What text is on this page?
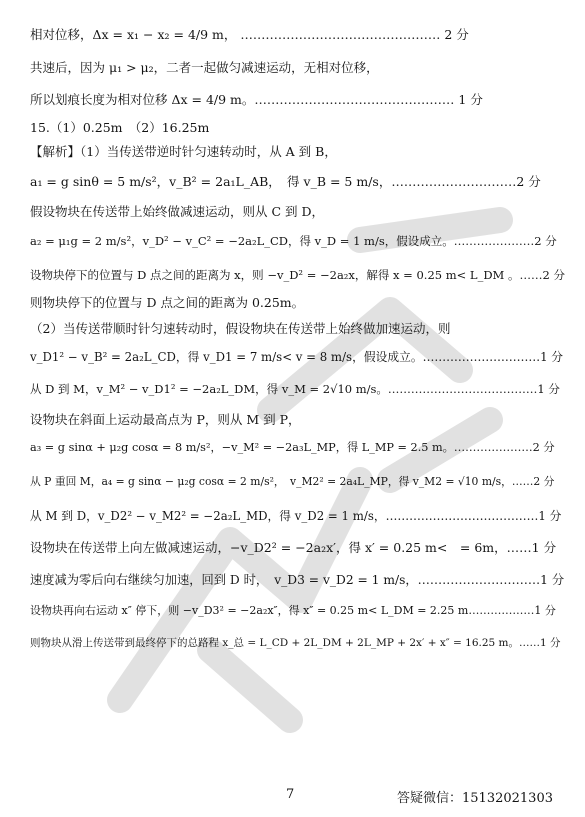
相对位移，Δx = x₁ − x₂ = 4/9 m， ………………………………………… 2 分
共速后，因为 μ₁ > μ₂，二者一起做匀减速运动，无相对位移，
所以划痕长度为相对位移 Δx = 4/9 m。………………………………………… 1 分
15.（1）0.25m　（2）16.25m
【解析】（1）当传送带逆时针匀速转动时，从 A 到 B，
a₁ = g sinθ = 5 m/s²，v_B² = 2a₁L_AB，　得 v_B = 5 m/s，…………………………2 分
假设物块在传送带上始终做减速运动，则从 C 到 D，
a₂ = μ₁g = 2 m/s²，v_D² − v_C² = −2a₂L_CD，得 v_D = 1 m/s，假设成立。…………………2 分
设物块停下的位置与 D 点之间的距离为 x，则 −v_D² = −2a₂x，解得 x = 0.25 m< L_DM 。……2 分
则物块停下的位置与 D 点之间的距离为 0.25m。
（2）当传送带顺时针匀速转动时，假设物块在传送带上始终做加速运动，则
v_D1² − v_B² = 2a₂L_CD，得 v_D1 = 7 m/s< v = 8 m/s，假设成立。…………………………1 分
从 D 到 M，v_M² − v_D1² = −2a₂L_DM，得 v_M = 2√10 m/s。…………………………………1 分
设物块在斜面上运动最高点为 P，则从 M 到 P，
a₃ = g sinα + μ₂g cosα = 8 m/s²，−v_M² = −2a₃L_MP，得 L_MP = 2.5 m。…………………2 分
从 P 重回 M，a₄ = g sinα − μ₂g cosα = 2 m/s²，　v_M2² = 2a₄L_MP，得 v_M2 = √10 m/s，……2 分
从 M 到 D，v_D2² − v_M2² = −2a₂L_MD，得 v_D2 = 1 m/s，…………………………………1 分
设物块在传送带上向左做减速运动，−v_D2² = −2a₂x′，得 x′ = 0.25 m<　= 6m，……1 分
速度减为零后向右继续匀加速，回到 D 时，　v_D3 = v_D2 = 1 m/s，…………………………1 分
设物块再向右运动 x″ 停下，则 −v_D3² = −2a₂x″，得 x″ = 0.25 m< L_DM = 2.25 m………………1 分
则物块从滑上传送带到最终停下的总路程 x_总 = L_CD + 2L_DM + 2L_MP + 2x′ + x″ = 16.25 m。……1 分
7	答疑微信：15132021303
